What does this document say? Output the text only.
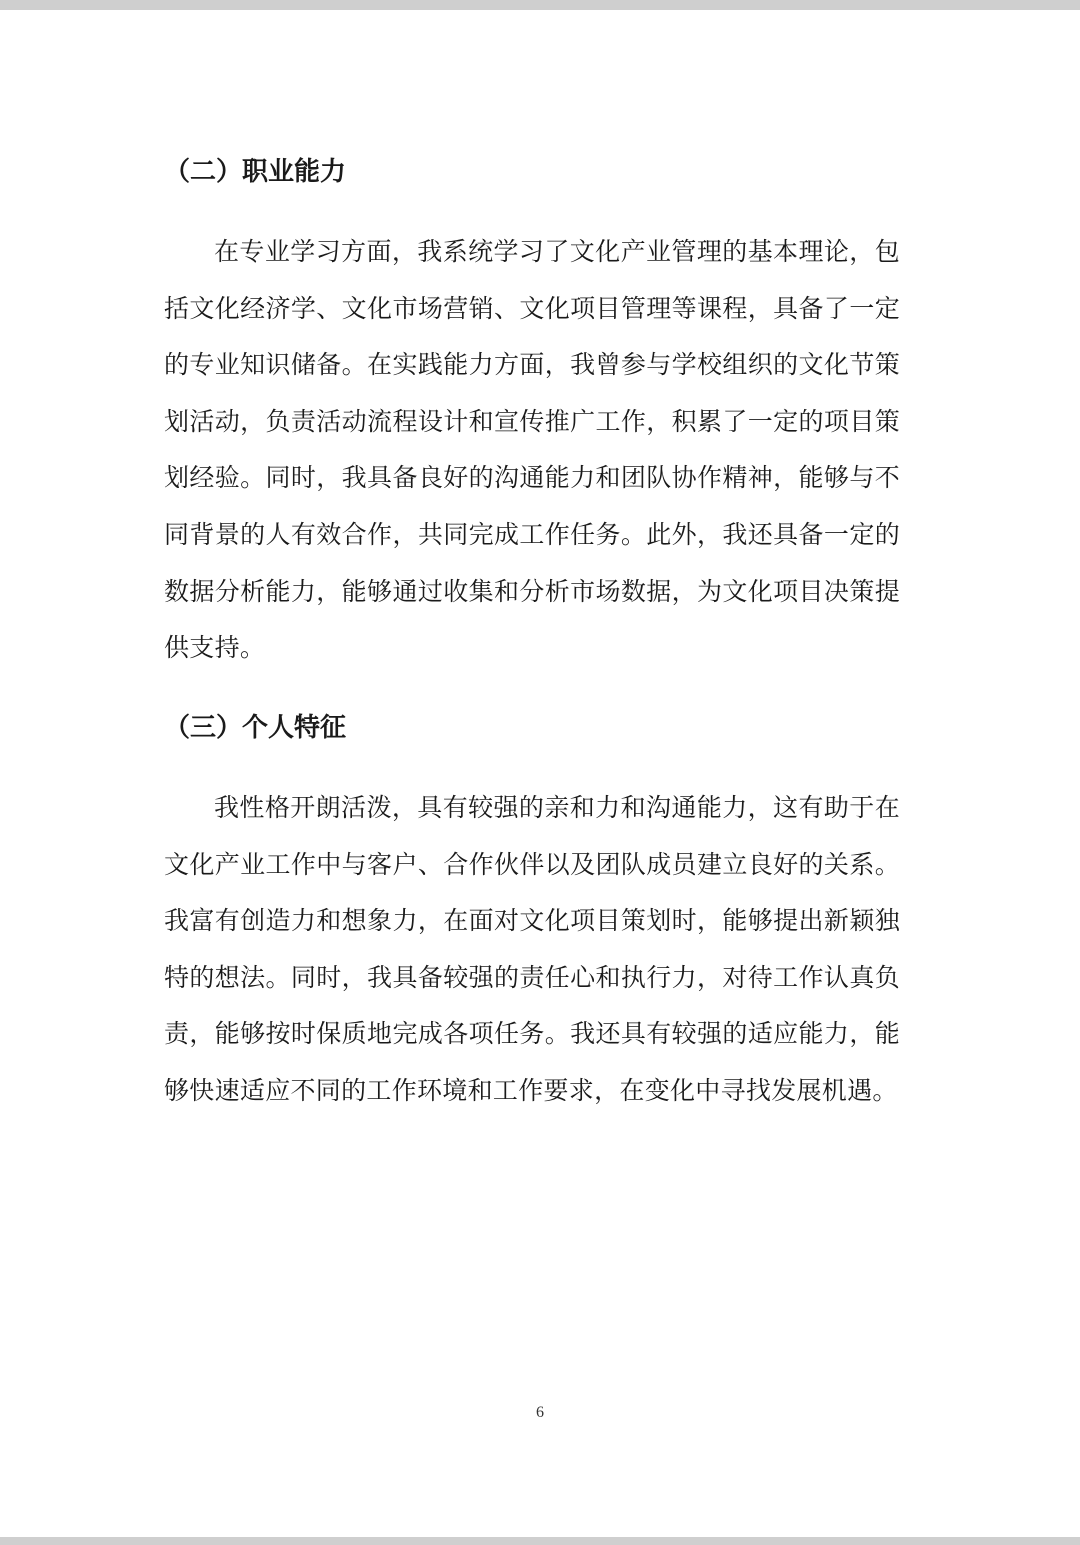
（二）职业能力

在专业学习方面，我系统学习了文化产业管理的基本理论，包括文化经济学、文化市场营销、文化项目管理等课程，具备了一定的专业知识储备。在实践能力方面，我曾参与学校组织的文化节策划活动，负责活动流程设计和宣传推广工作，积累了一定的项目策划经验。同时，我具备良好的沟通能力和团队协作精神，能够与不同背景的人有效合作，共同完成工作任务。此外，我还具备一定的数据分析能力，能够通过收集和分析市场数据，为文化项目决策提供支持。

（三）个人特征

我性格开朗活泼，具有较强的亲和力和沟通能力，这有助于在文化产业工作中与客户、合作伙伴以及团队成员建立良好的关系。我富有创造力和想象力，在面对文化项目策划时，能够提出新颖独特的想法。同时，我具备较强的责任心和执行力，对待工作认真负责，能够按时保质地完成各项任务。我还具有较强的适应能力，能够快速适应不同的工作环境和工作要求，在变化中寻找发展机遇。

6
